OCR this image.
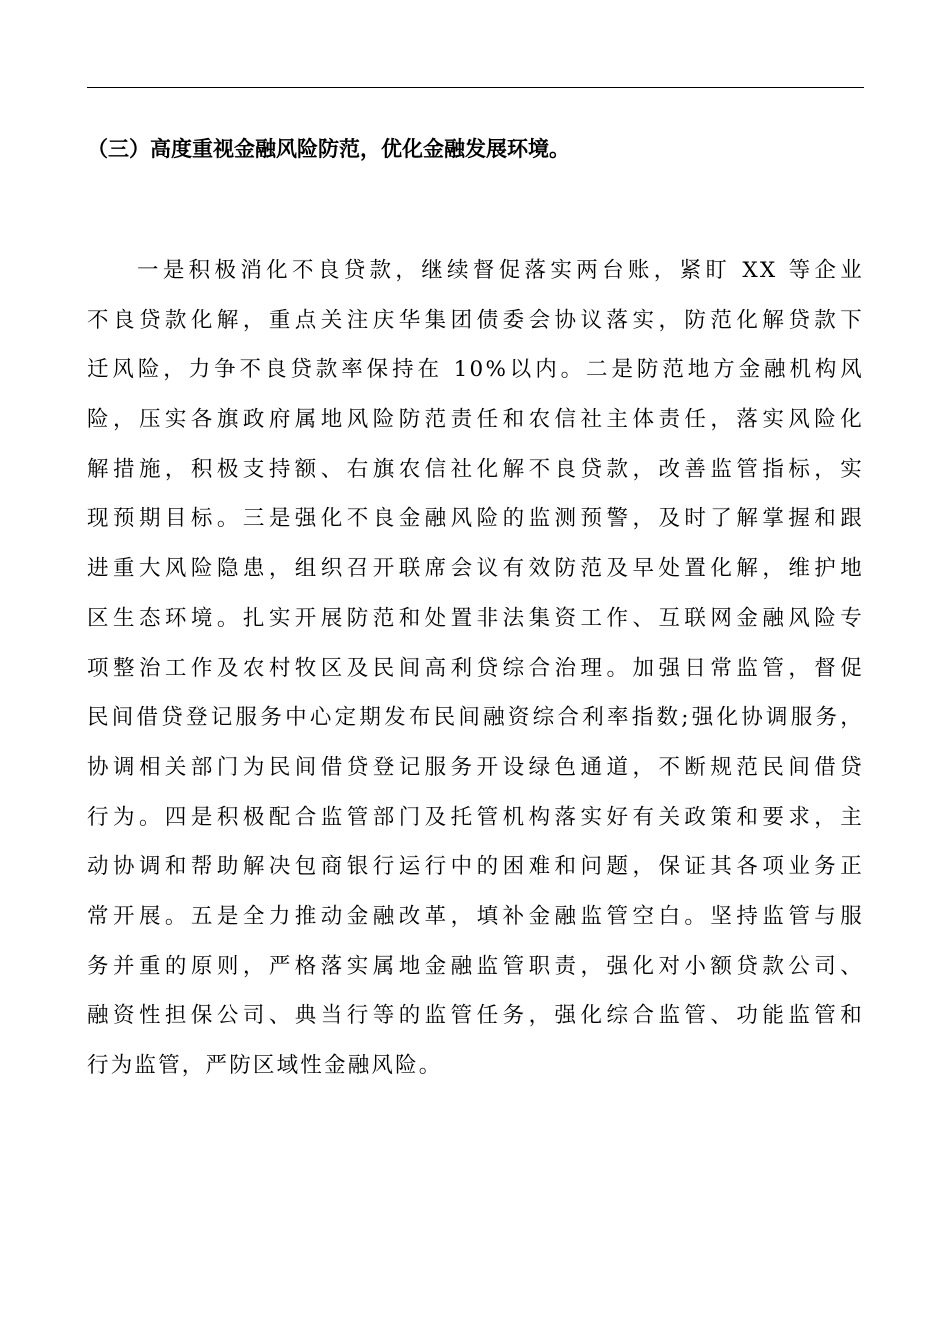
（三）高度重视金融风险防范，优化金融发展环境。
一是积极消化不良贷款，继续督促落实两台账，紧盯 XX 等企业
不良贷款化解，重点关注庆华集团债委会协议落实，防范化解贷款下
迁风险，力争不良贷款率保持在 10%以内。二是防范地方金融机构风
险，压实各旗政府属地风险防范责任和农信社主体责任，落实风险化
解措施，积极支持额、右旗农信社化解不良贷款，改善监管指标，实
现预期目标。三是强化不良金融风险的监测预警，及时了解掌握和跟
进重大风险隐患，组织召开联席会议有效防范及早处置化解，维护地
区生态环境。扎实开展防范和处置非法集资工作、互联网金融风险专
项整治工作及农村牧区及民间高利贷综合治理。加强日常监管，督促
民间借贷登记服务中心定期发布民间融资综合利率指数;强化协调服务，
协调相关部门为民间借贷登记服务开设绿色通道，不断规范民间借贷
行为。四是积极配合监管部门及托管机构落实好有关政策和要求，主
动协调和帮助解决包商银行运行中的困难和问题，保证其各项业务正
常开展。五是全力推动金融改革，填补金融监管空白。坚持监管与服
务并重的原则，严格落实属地金融监管职责，强化对小额贷款公司、
融资性担保公司、典当行等的监管任务，强化综合监管、功能监管和
行为监管，严防区域性金融风险。
